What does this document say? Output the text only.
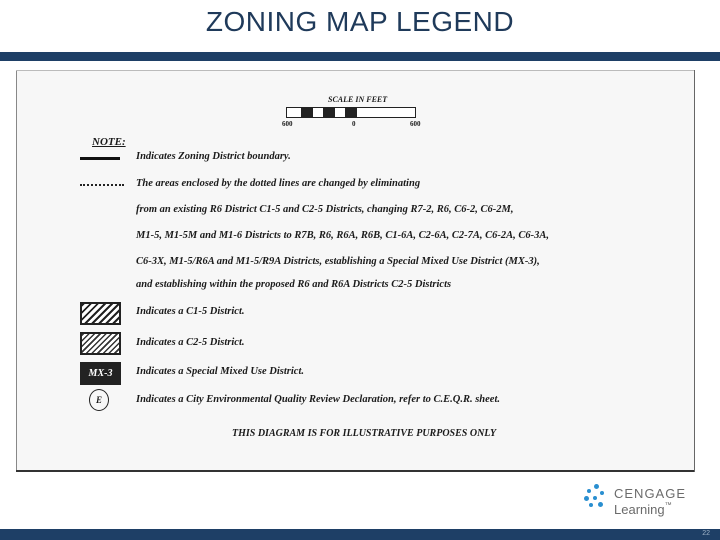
ZONING MAP LEGEND
SCALE IN FEET
600	0	600
NOTE:
Indicates Zoning District boundary.
The areas enclosed by the dotted lines are changed by eliminating
from an existing R6 District C1-5 and C2-5 Districts, changing R7-2, R6, C6-2, C6-2M,
M1-5, M1-5M and M1-6 Districts to R7B, R6, R6A, R6B, C1-6A, C2-6A, C2-7A, C6-2A, C6-3A,
C6-3X, M1-5/R6A and M1-5/R9A Districts, establishing a Special Mixed Use District (MX-3),
and establishing within the proposed R6 and R6A Districts C2-5 Districts
Indicates a C1-5 District.
Indicates a C2-5 District.
MX-3	Indicates a Special Mixed Use District.
E	Indicates a City Environmental Quality Review Declaration, refer to C.E.Q.R. sheet.
THIS DIAGRAM IS FOR ILLUSTRATIVE PURPOSES ONLY
CENGAGE
Learning™
22
